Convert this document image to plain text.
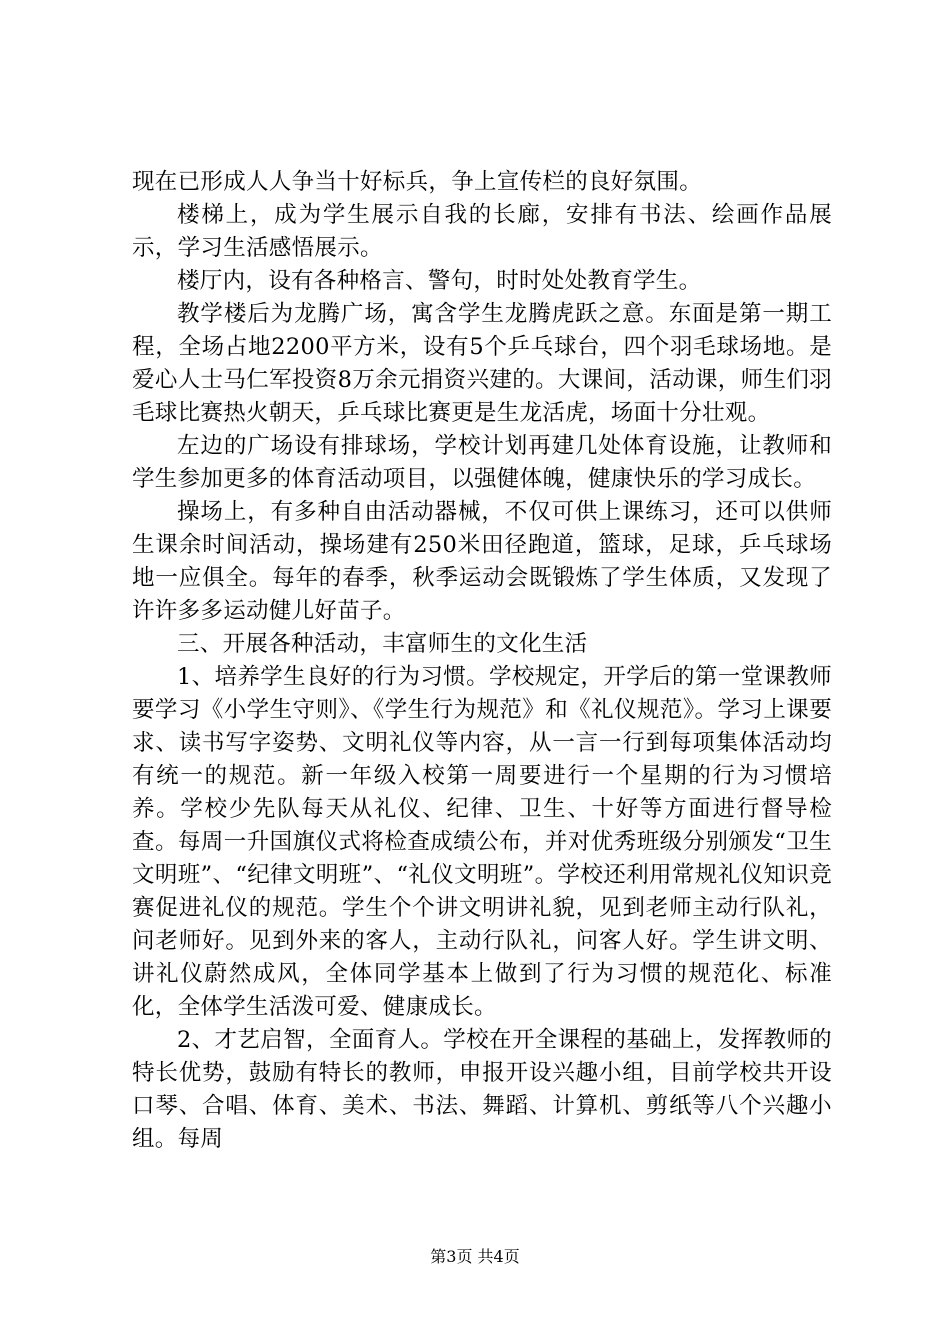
现在已形成人人争当十好标兵，争上宣传栏的良好氛围。

楼梯上，成为学生展示自我的长廊，安排有书法、绘画作品展示，学习生活感悟展示。

楼厅内，设有各种格言、警句，时时处处教育学生。

教学楼后为龙腾广场，寓含学生龙腾虎跃之意。东面是第一期工程，全场占地2200平方米，设有5个乒乓球台，四个羽毛球场地。是爱心人士马仁军投资8万余元捐资兴建的。大课间，活动课，师生们羽毛球比赛热火朝天，乒乓球比赛更是生龙活虎，场面十分壮观。

左边的广场设有排球场，学校计划再建几处体育设施，让教师和学生参加更多的体育活动项目，以强健体魄，健康快乐的学习成长。

操场上，有多种自由活动器械，不仅可供上课练习，还可以供师生课余时间活动，操场建有250米田径跑道，篮球，足球，乒乓球场地一应俱全。每年的春季，秋季运动会既锻炼了学生体质，又发现了许许多多运动健儿好苗子。

三、开展各种活动，丰富师生的文化生活

1、培养学生良好的行为习惯。学校规定，开学后的第一堂课教师要学习《小学生守则》、《学生行为规范》和《礼仪规范》。学习上课要求、读书写字姿势、文明礼仪等内容，从一言一行到每项集体活动均有统一的规范。新一年级入校第一周要进行一个星期的行为习惯培养。学校少先队每天从礼仪、纪律、卫生、十好等方面进行督导检查。每周一升国旗仪式将检查成绩公布，并对优秀班级分别颁发“卫生文明班”、“纪律文明班”、“礼仪文明班”。学校还利用常规礼仪知识竞赛促进礼仪的规范。学生个个讲文明讲礼貌，见到老师主动行队礼，问老师好。见到外来的客人，主动行队礼，问客人好。学生讲文明、讲礼仪蔚然成风，全体同学基本上做到了行为习惯的规范化、标准化，全体学生活泼可爱、健康成长。

2、才艺启智，全面育人。学校在开全课程的基础上，发挥教师的特长优势，鼓励有特长的教师，申报开设兴趣小组，目前学校共开设口琴、合唱、体育、美术、书法、舞蹈、计算机、剪纸等八个兴趣小组。每周

第3页 共4页
